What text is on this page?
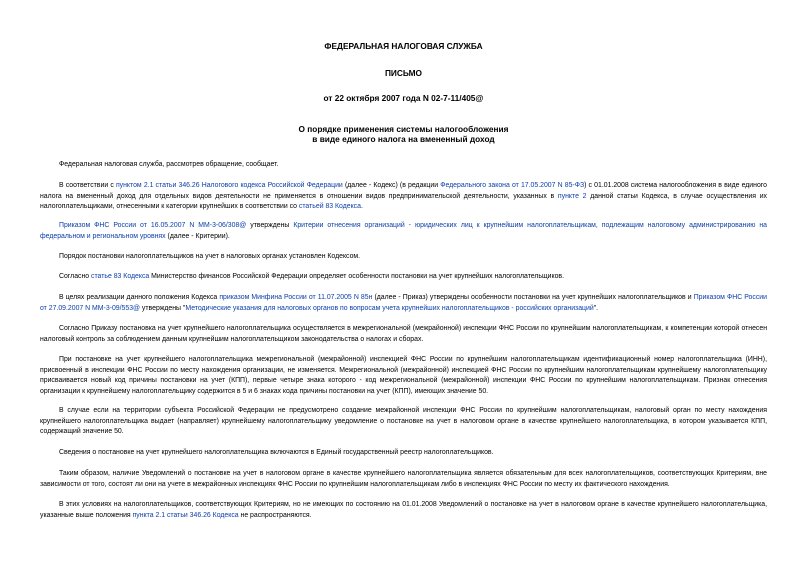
ФЕДЕРАЛЬНАЯ НАЛОГОВАЯ СЛУЖБА
ПИСЬМО
от 22 октября 2007 года N 02-7-11/405@
О порядке применения системы налогообложения
в виде единого налога на вмененный доход
Федеральная налоговая служба, рассмотрев обращение, сообщает.
В соответствии с пунктом 2.1 статьи 346.26 Налогового кодекса Российской Федерации (далее - Кодекс) (в редакции Федерального закона от 17.05.2007 N 85-ФЗ) с 01.01.2008 система налогообложения в виде единого налога на вмененный доход для отдельных видов деятельности не применяется в отношении видов предпринимательской деятельности, указанных в пункте 2 данной статьи Кодекса, в случае осуществления их налогоплательщиками, отнесенными к категории крупнейших в соответствии со статьей 83 Кодекса.
Приказом ФНС России от 16.05.2007 N ММ-3-06/308@ утверждены Критерии отнесения организаций - юридических лиц к крупнейшим налогоплательщикам, подлежащим налоговому администрированию на федеральном и региональном уровнях (далее - Критерии).
Порядок постановки налогоплательщиков на учет в налоговых органах установлен Кодексом.
Согласно статье 83 Кодекса Министерство финансов Российской Федерации определяет особенности постановки на учет крупнейших налогоплательщиков.
В целях реализации данного положения Кодекса приказом Минфина России от 11.07.2005 N 85н (далее - Приказ) утверждены особенности постановки на учет крупнейших налогоплательщиков и Приказом ФНС России от 27.09.2007 N ММ-3-09/553@ утверждены "Методические указания для налоговых органов по вопросам учета крупнейших налогоплательщиков - российских организаций".
Согласно Приказу постановка на учет крупнейшего налогоплательщика осуществляется в межрегиональной (межрайонной) инспекции ФНС России по крупнейшим налогоплательщикам, к компетенции которой отнесен налоговый контроль за соблюдением данным крупнейшим налогоплательщиком законодательства о налогах и сборах.
При постановке на учет крупнейшего налогоплательщика межрегиональной (межрайонной) инспекцией ФНС России по крупнейшим налогоплательщикам идентификационный номер налогоплательщика (ИНН), присвоенный в инспекции ФНС России по месту нахождения организации, не изменяется. Межрегиональной (межрайонной) инспекцией ФНС России по крупнейшим налогоплательщикам крупнейшему налогоплательщику присваивается новый код причины постановки на учет (КПП), первые четыре знака которого - код межрегиональной (межрайонной) инспекции ФНС России по крупнейшим налогоплательщикам. Признак отнесения организации к крупнейшему налогоплательщику содержится в 5 и 6 знаках кода причины постановки на учет (КПП), имеющих значение 50.
В случае если на территории субъекта Российской Федерации не предусмотрено создание межрайонной инспекции ФНС России по крупнейшим налогоплательщикам, налоговый орган по месту нахождения крупнейшего налогоплательщика выдает (направляет) крупнейшему налогоплательщику уведомление о постановке на учет в налоговом органе в качестве крупнейшего налогоплательщика, в котором указывается КПП, содержащий значение 50.
Сведения о постановке на учет крупнейшего налогоплательщика включаются в Единый государственный реестр налогоплательщиков.
Таким образом, наличие Уведомлений о постановке на учет в налоговом органе в качестве крупнейшего налогоплательщика является обязательным для всех налогоплательщиков, соответствующих Критериям, вне зависимости от того, состоят ли они на учете в межрайонных инспекциях ФНС России по крупнейшим налогоплательщикам либо в инспекциях ФНС России по месту их фактического нахождения.
В этих условиях на налогоплательщиков, соответствующих Критериям, но не имеющих по состоянию на 01.01.2008 Уведомлений о постановке на учет в налоговом органе в качестве крупнейшего налогоплательщика, указанные выше положения пункта 2.1 статьи 346.26 Кодекса не распространяются.
